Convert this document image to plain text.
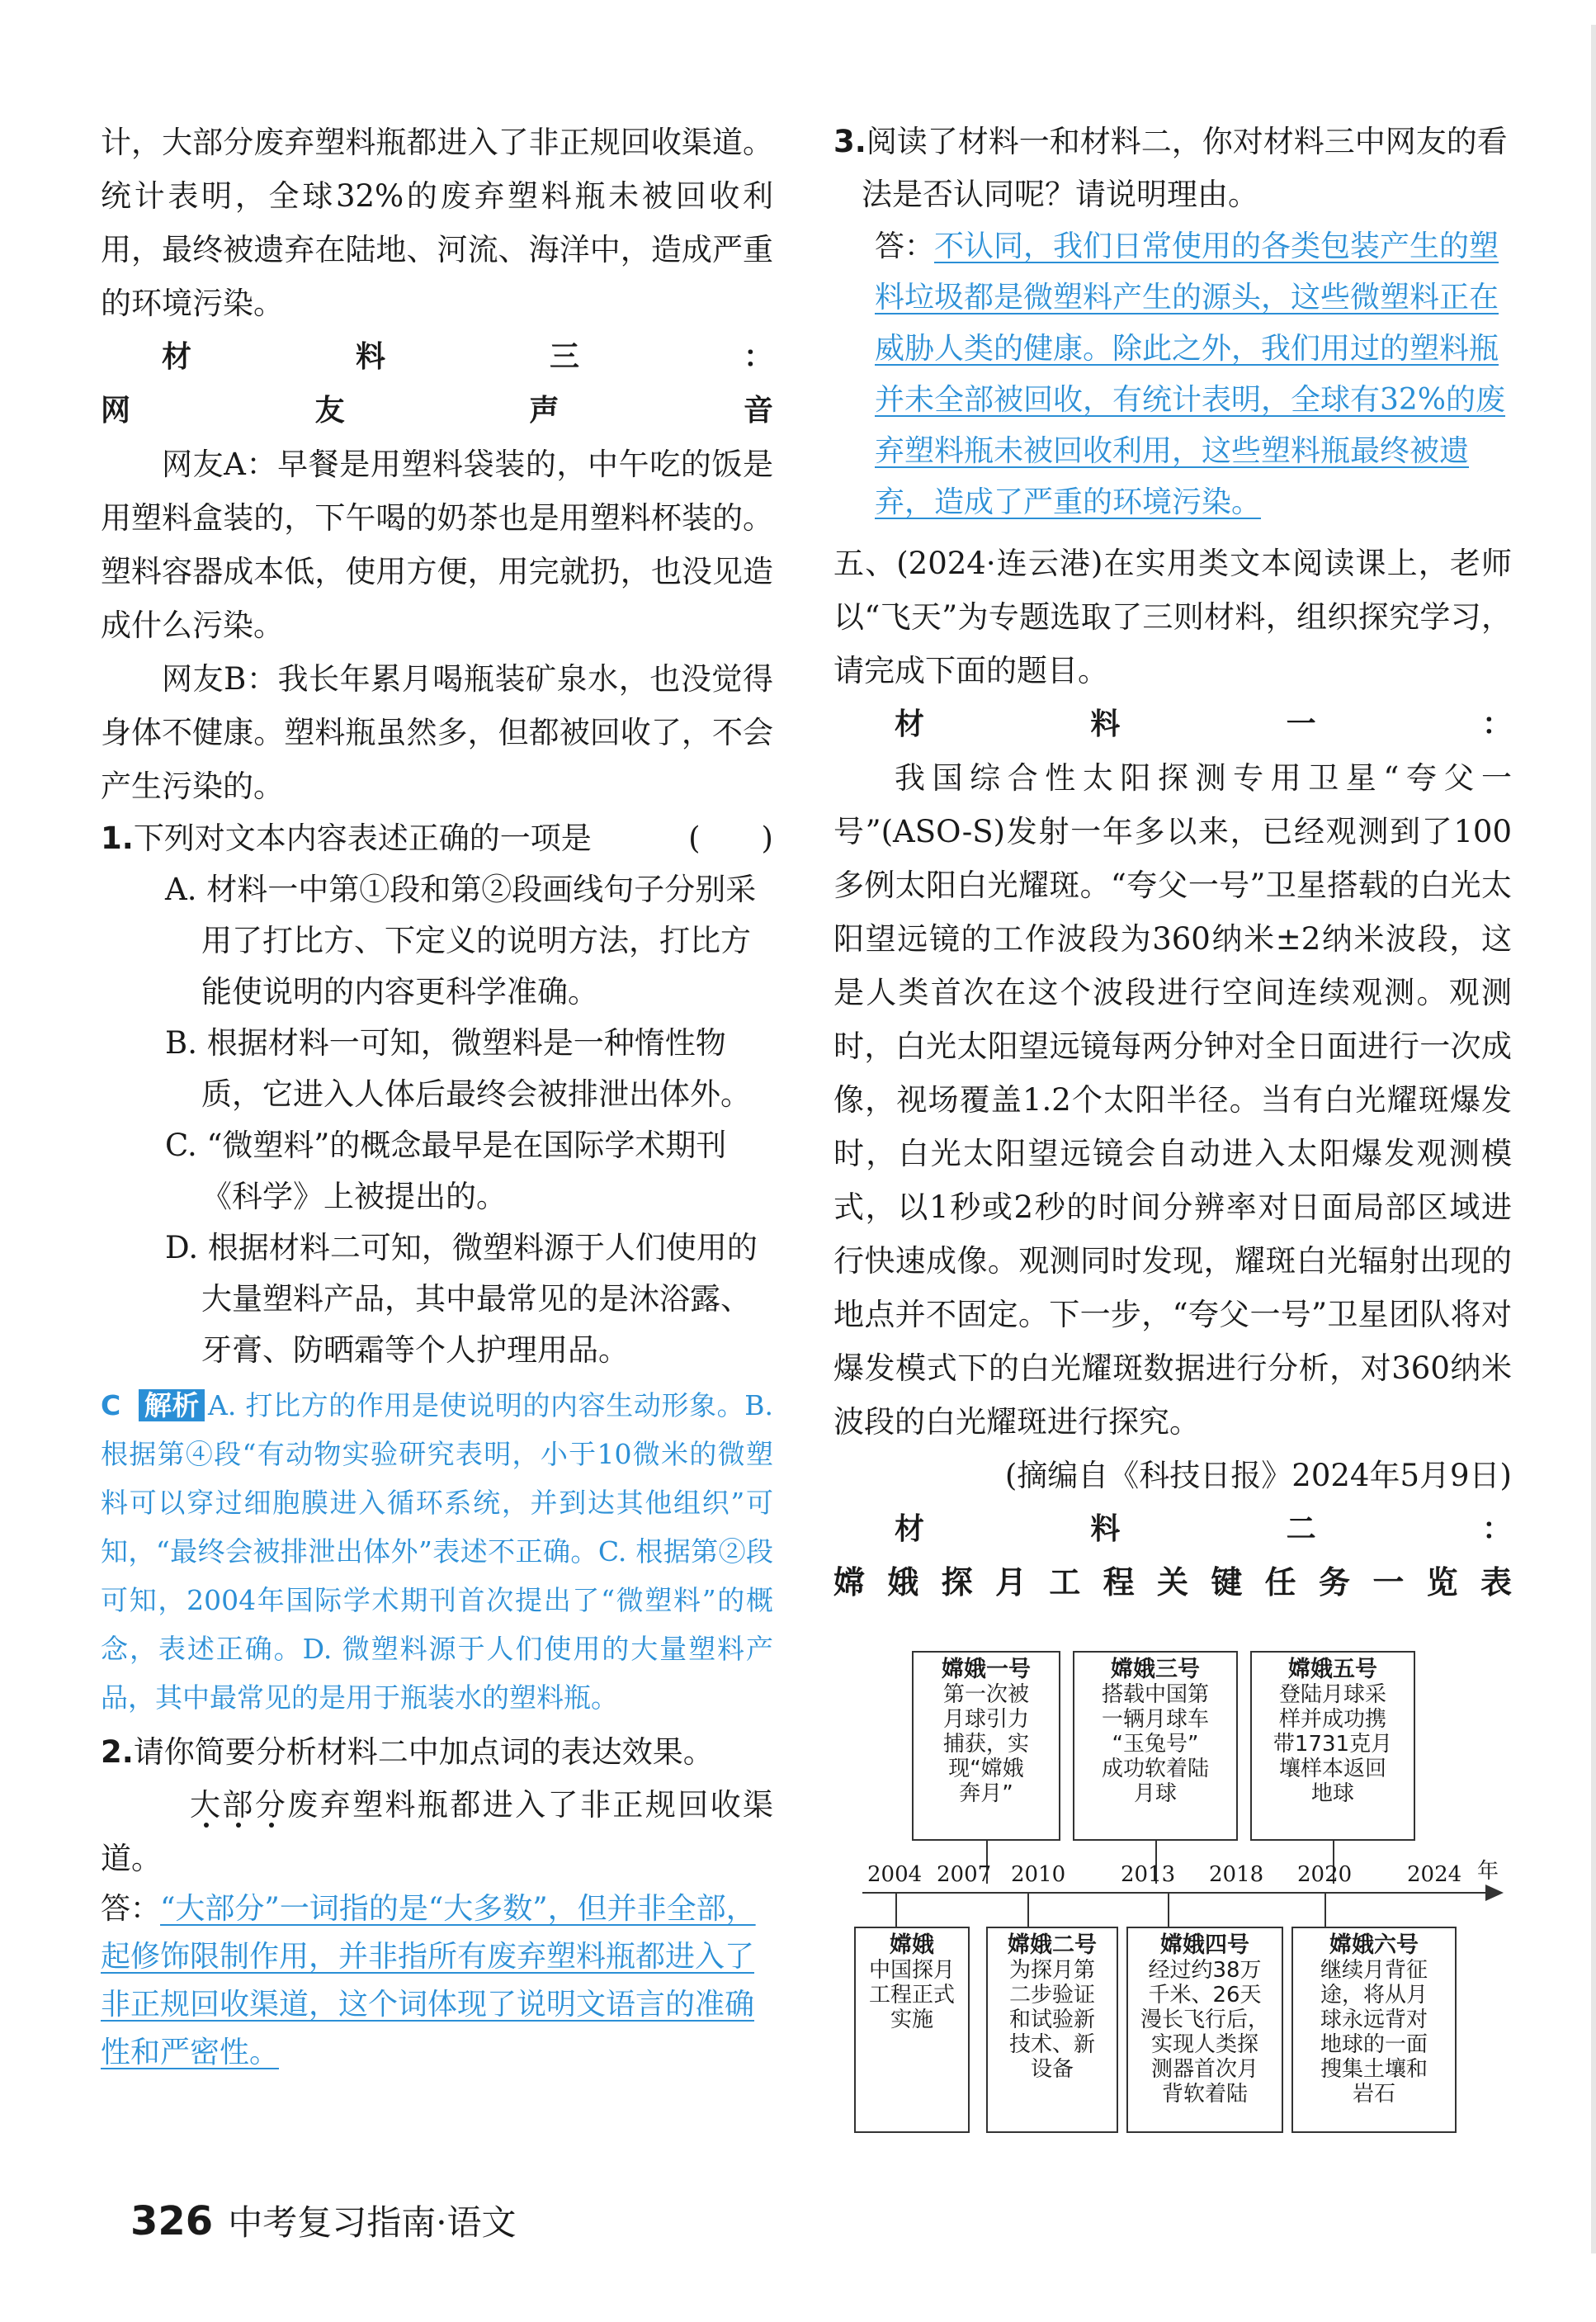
计，大部分废弃塑料瓶都进入了非正规回收渠道。统计表明，全球32%的废弃塑料瓶未被回收利用，最终被遗弃在陆地、河流、海洋中，造成严重的环境污染。

材料三：

网友声音

网友A：早餐是用塑料袋装的，中午吃的饭是用塑料盒装的，下午喝的奶茶也是用塑料杯装的。塑料容器成本低，使用方便，用完就扔，也没见造成什么污染。

网友B：我长年累月喝瓶装矿泉水，也没觉得身体不健康。塑料瓶虽然多，但都被回收了，不会产生污染的。

1.下列对文本内容表述正确的一项是	(　　)

A. 材料一中第①段和第②段画线句子分别采用了打比方、下定义的说明方法，打比方能使说明的内容更科学准确。

B. 根据材料一可知，微塑料是一种惰性物质，它进入人体后最终会被排泄出体外。

C. “微塑料”的概念最早是在国际学术期刊《科学》上被提出的。

D. 根据材料二可知，微塑料源于人们使用的大量塑料产品，其中最常见的是沐浴露、牙膏、防晒霜等个人护理用品。

C 解析 A. 打比方的作用是使说明的内容生动形象。B. 根据第④段“有动物实验研究表明，小于10微米的微塑料可以穿过细胞膜进入循环系统，并到达其他组织”可知，“最终会被排泄出体外”表述不正确。C. 根据第②段可知，2004年国际学术期刊首次提出了“微塑料”的概念，表述正确。D. 微塑料源于人们使用的大量塑料产品，其中最常见的是用于瓶装水的塑料瓶。

2.请你简要分析材料二中加点词的表达效果。

大部分废弃塑料瓶都进入了非正规回收渠道。

答：“大部分”一词指的是“大多数”，但并非全部，起修饰限制作用，并非指所有废弃塑料瓶都进入了非正规回收渠道，这个词体现了说明文语言的准确性和严密性。

3.阅读了材料一和材料二，你对材料三中网友的看法是否认同呢？请说明理由。

答：不认同，我们日常使用的各类包装产生的塑料垃圾都是微塑料产生的源头，这些微塑料正在威胁人类的健康。除此之外，我们用过的塑料瓶并未全部被回收，有统计表明，全球有32%的废弃塑料瓶未被回收利用，这些塑料瓶最终被遗弃，造成了严重的环境污染。

五、(2024·连云港)在实用类文本阅读课上，老师以“飞天”为专题选取了三则材料，组织探究学习，请完成下面的题目。

材料一：

我国综合性太阳探测专用卫星“夸父一号”(ASO-S)发射一年多以来，已经观测到了100多例太阳白光耀斑。“夸父一号”卫星搭载的白光太阳望远镜的工作波段为360纳米±2纳米波段，这是人类首次在这个波段进行空间连续观测。观测时，白光太阳望远镜每两分钟对全日面进行一次成像，视场覆盖1.2个太阳半径。当有白光耀斑爆发时，白光太阳望远镜会自动进入太阳爆发观测模式，以1秒或2秒的时间分辨率对日面局部区域进行快速成像。观测同时发现，耀斑白光辐射出现的地点并不固定。下一步，“夸父一号”卫星团队将对爆发模式下的白光耀斑数据进行分析，对360纳米波段的白光耀斑进行探究。

(摘编自《科技日报》2024年5月9日)

材料二：

嫦娥探月工程关键任务一览表

嫦娥一号
第一次被
月球引力
捕获，实
现“嫦娥
奔月”
嫦娥三号
搭载中国第
一辆月球车
“玉兔号”
成功软着陆
月球
嫦娥五号
登陆月球采
样并成功携
带1731克月
壤样本返回
地球
2004 2007 2010	2013 2018 2020	2024 年
嫦娥
中国探月
工程正式
实施
嫦娥二号
为探月第
二步验证
和试验新
技术、新
设备
嫦娥四号
经过约38万
千米、26天
漫长飞行后，
实现人类探
测器首次月
背软着陆
嫦娥六号
继续月背征
途，将从月
球永远背对
地球的一面
搜集土壤和
岩石
326 中考复习指南·语文
